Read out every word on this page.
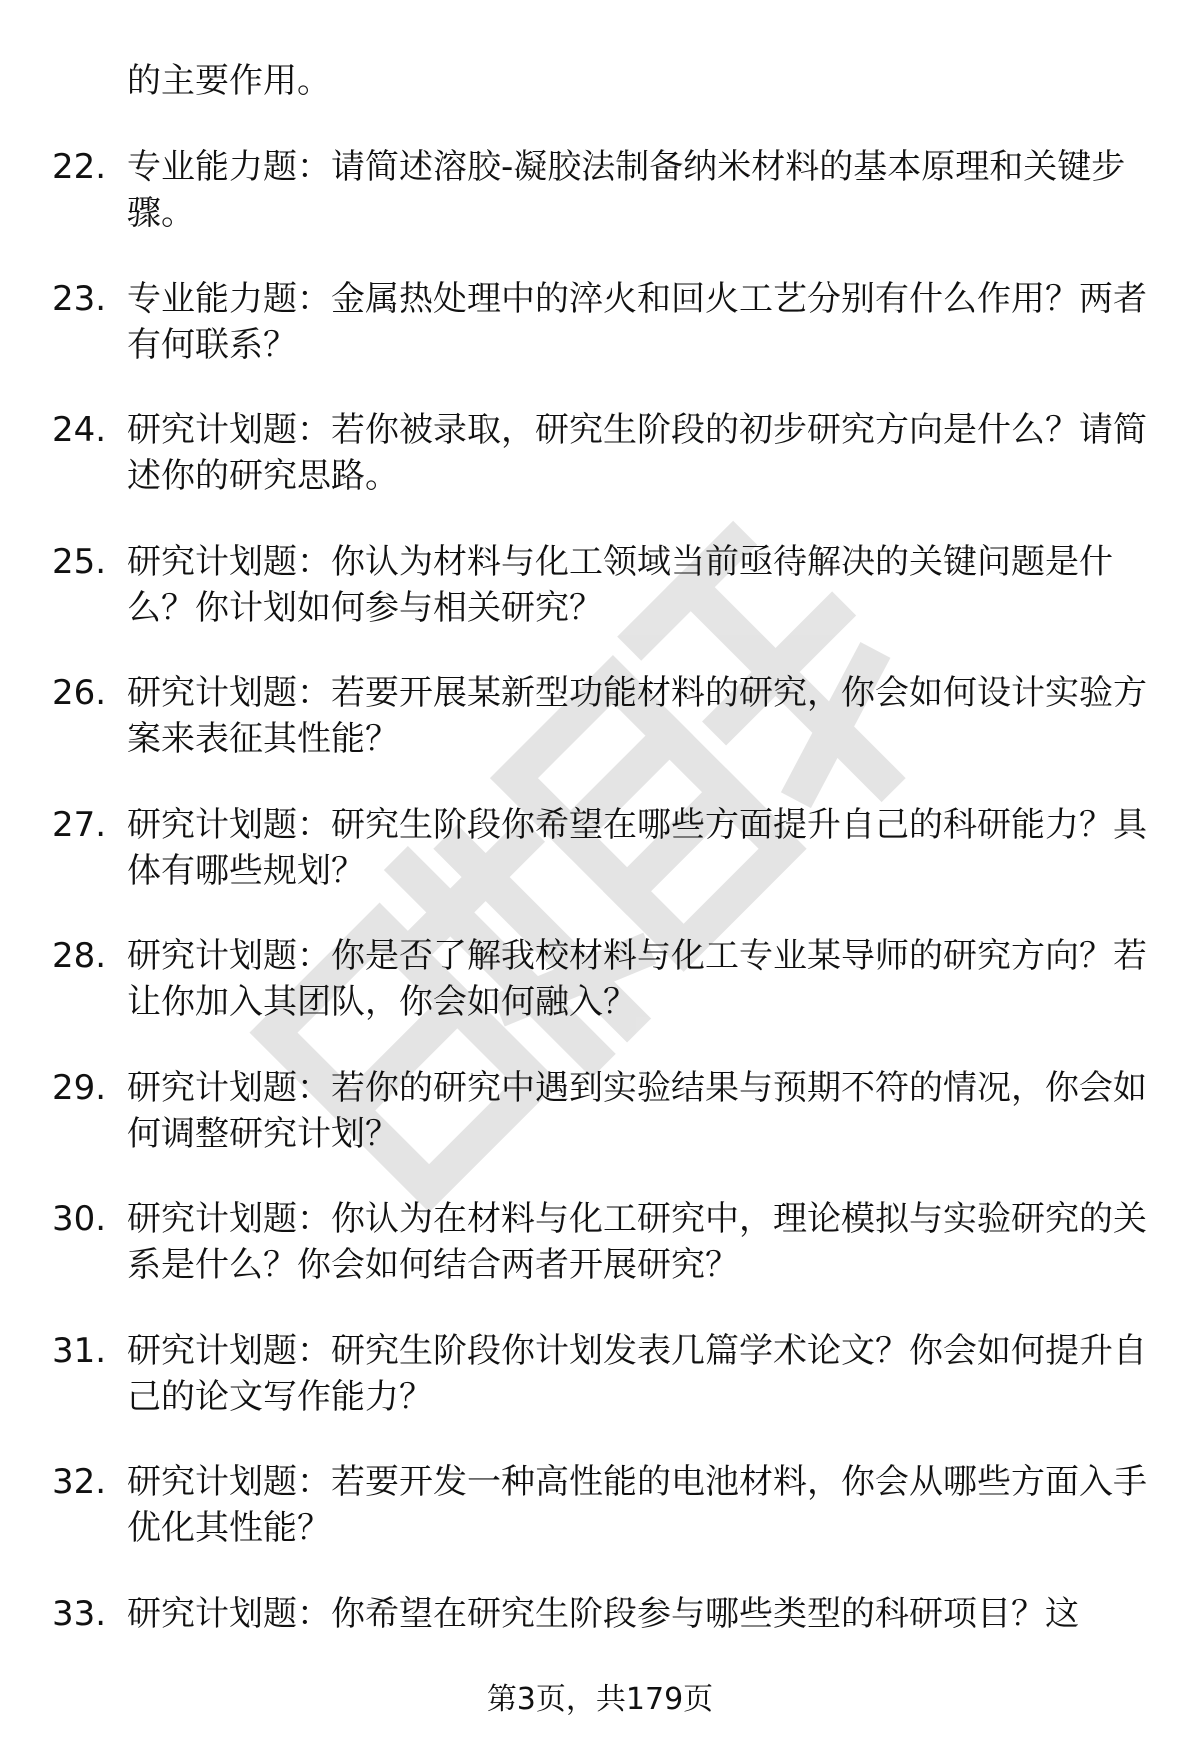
的主要作用。
22. 专业能力题：请简述溶胶-凝胶法制备纳米材料的基本原理和关键步骤。
23. 专业能力题：金属热处理中的淬火和回火工艺分别有什么作用？两者有何联系？
24. 研究计划题：若你被录取，研究生阶段的初步研究方向是什么？请简述你的研究思路。
25. 研究计划题：你认为材料与化工领域当前亟待解决的关键问题是什么？你计划如何参与相关研究？
26. 研究计划题：若要开展某新型功能材料的研究，你会如何设计实验方案来表征其性能？
27. 研究计划题：研究生阶段你希望在哪些方面提升自己的科研能力？具体有哪些规划？
28. 研究计划题：你是否了解我校材料与化工专业某导师的研究方向？若让你加入其团队，你会如何融入？
29. 研究计划题：若你的研究中遇到实验结果与预期不符的情况，你会如何调整研究计划？
30. 研究计划题：你认为在材料与化工研究中，理论模拟与实验研究的关系是什么？你会如何结合两者开展研究？
31. 研究计划题：研究生阶段你计划发表几篇学术论文？你会如何提升自己的论文写作能力？
32. 研究计划题：若要开发一种高性能的电池材料，你会从哪些方面入手优化其性能？
33. 研究计划题：你希望在研究生阶段参与哪些类型的科研项目？这
第3页，共179页
